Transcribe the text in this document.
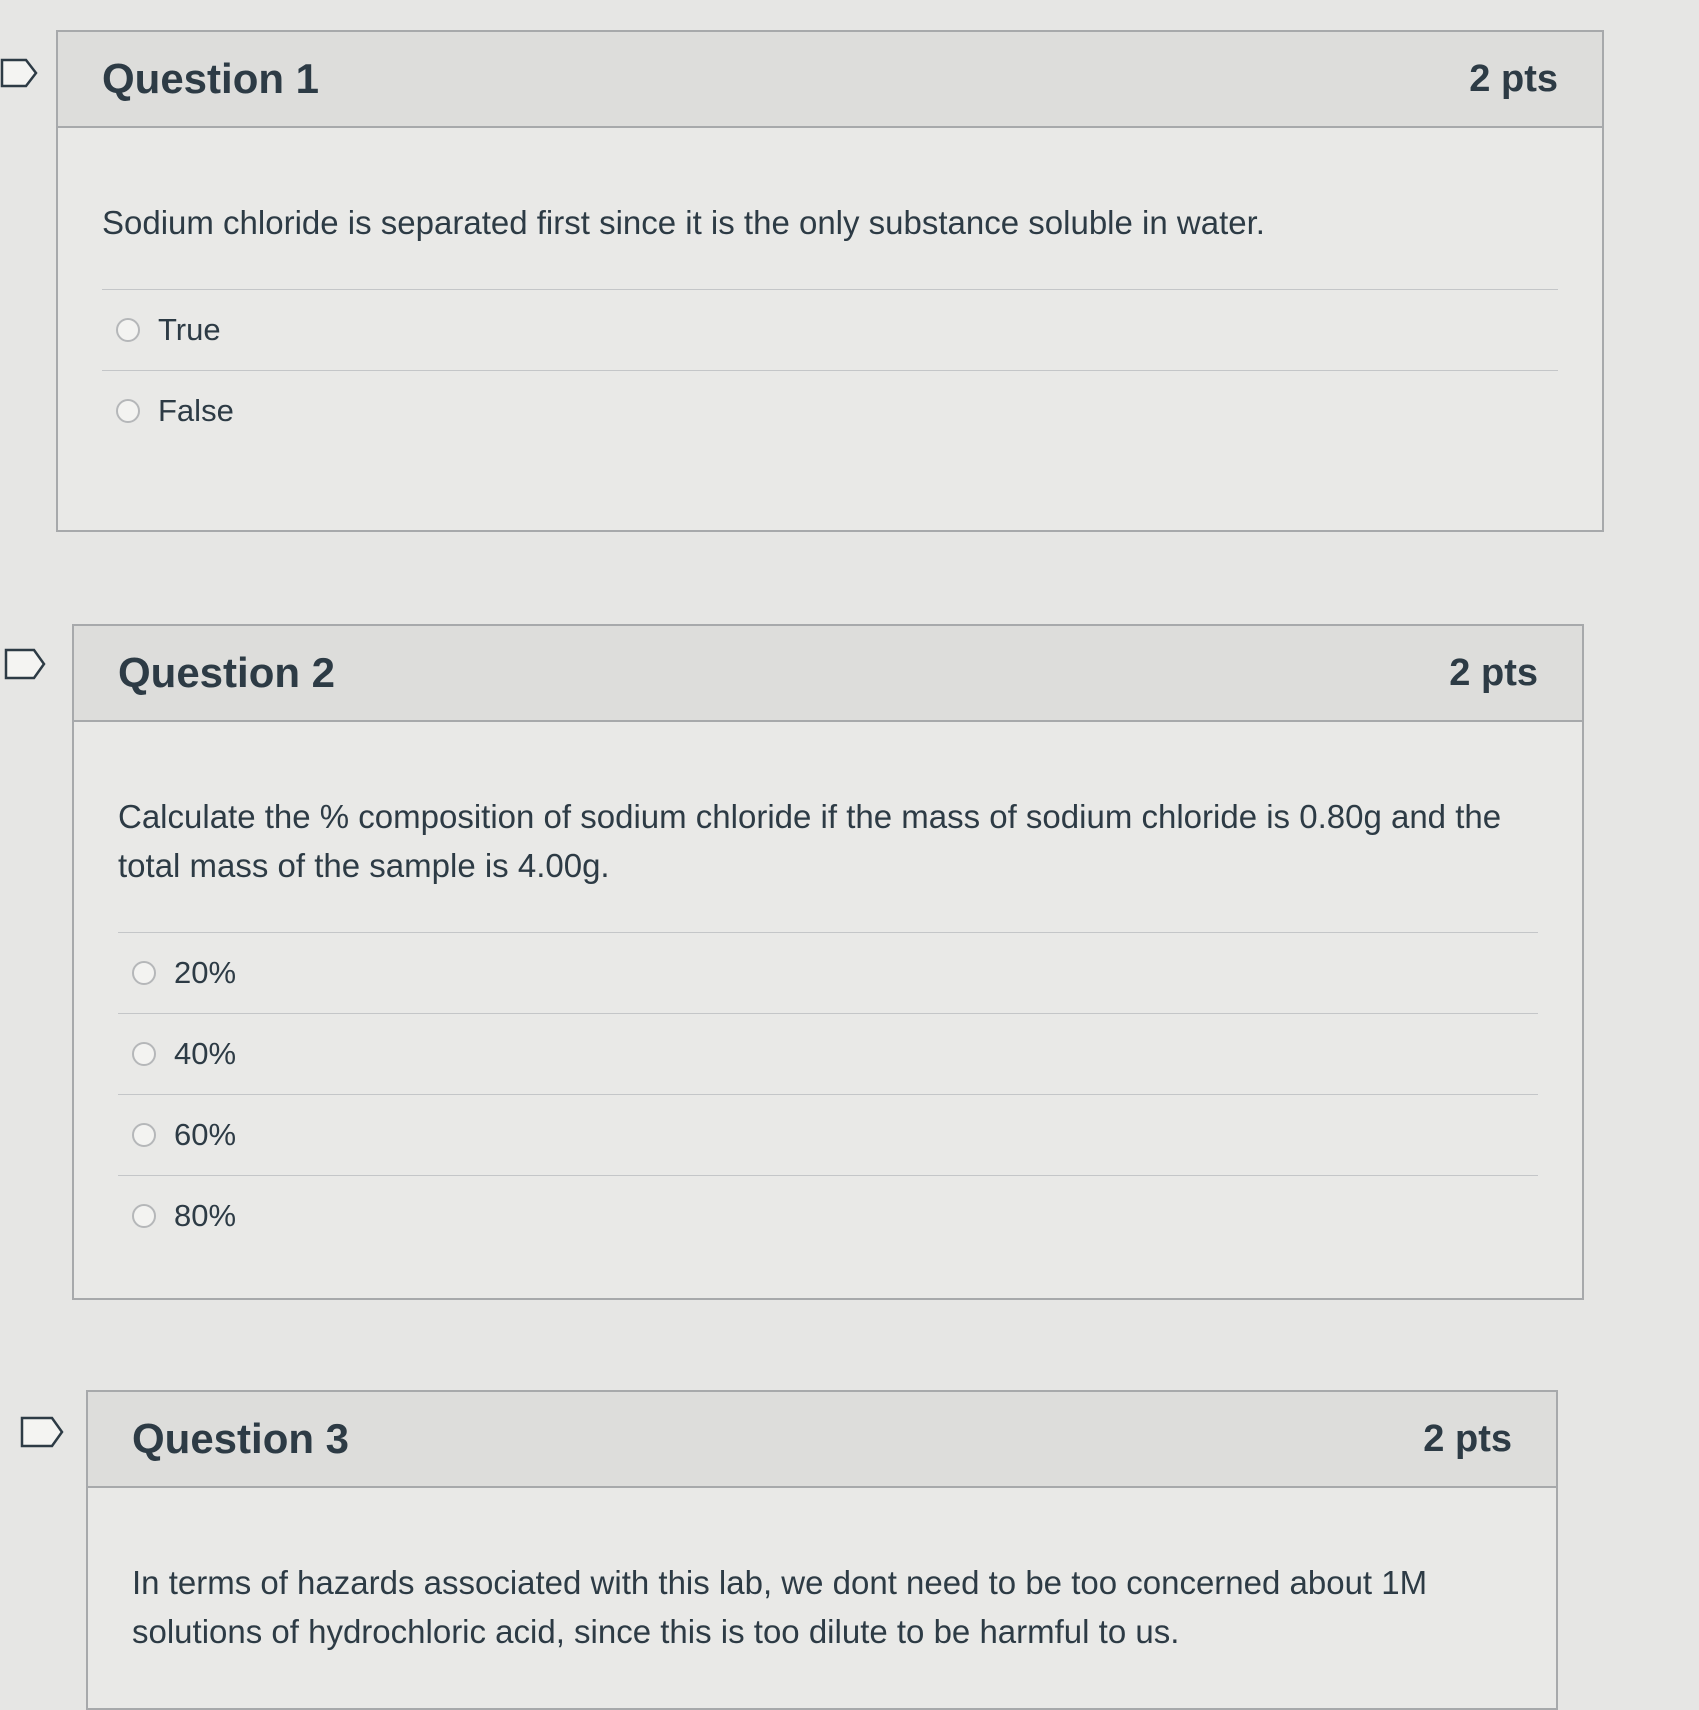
Question 1	2 pts

Sodium chloride is separated first since it is the only substance soluble in water.

True
False
Question 2	2 pts

Calculate the % composition of sodium chloride if the mass of sodium chloride is 0.80g and the total mass of the sample is 4.00g.

20%
40%
60%
80%
Question 3	2 pts

In terms of hazards associated with this lab, we dont need to be too concerned about 1M solutions of hydrochloric acid, since this is too dilute to be harmful to us.
